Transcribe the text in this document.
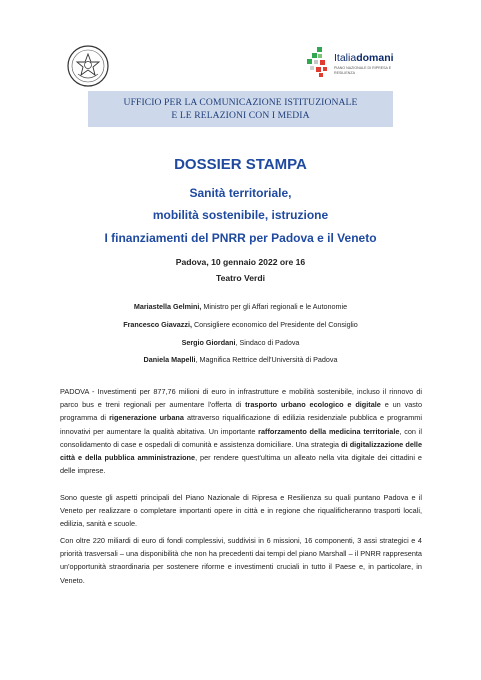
Italiadomani
PIANO NAZIONALE DI RIPRESA E RESILIENZA
UFFICIO PER LA COMUNICAZIONE ISTITUZIONALE
E LE RELAZIONI CON I MEDIA
DOSSIER STAMPA
Sanità territoriale,
mobilità sostenibile, istruzione
I finanziamenti del PNRR per Padova e il Veneto
Padova, 10 gennaio 2022 ore 16
Teatro Verdi
Mariastella Gelmini, Ministro per gli Affari regionali e le Autonomie
Francesco Giavazzi, Consigliere economico del Presidente del Consiglio
Sergio Giordani, Sindaco di Padova
Daniela Mapelli, Magnifica Rettrice dell'Università di Padova
PADOVA - Investimenti per 877,76 milioni di euro in infrastrutture e mobilità sostenibile, incluso il rinnovo di parco bus e treni regionali per aumentare l'offerta di trasporto urbano ecologico e digitale e un vasto programma di rigenerazione urbana attraverso riqualificazione di edilizia residenziale pubblica e programmi innovativi per aumentare la qualità abitativa. Un importante rafforzamento della medicina territoriale, con il consolidamento di case e ospedali di comunità e assistenza domiciliare. Una strategia di digitalizzazione delle città e della pubblica amministrazione, per rendere quest'ultima un alleato nella vita digitale dei cittadini e delle imprese.
Sono queste gli aspetti principali del Piano Nazionale di Ripresa e Resilienza su quali puntano Padova e il Veneto per realizzare o completare importanti opere in città e in regione che riqualificheranno trasporti locali, edilizia, sanità e scuole.
Con oltre 220 miliardi di euro di fondi complessivi, suddivisi in 6 missioni, 16 componenti, 3 assi strategici e 4 priorità trasversali – una disponibilità che non ha precedenti dai tempi del piano Marshall – il PNRR rappresenta un'opportunità straordinaria per sostenere riforme e investimenti cruciali in tutto il Paese e, in particolare, in Veneto.
